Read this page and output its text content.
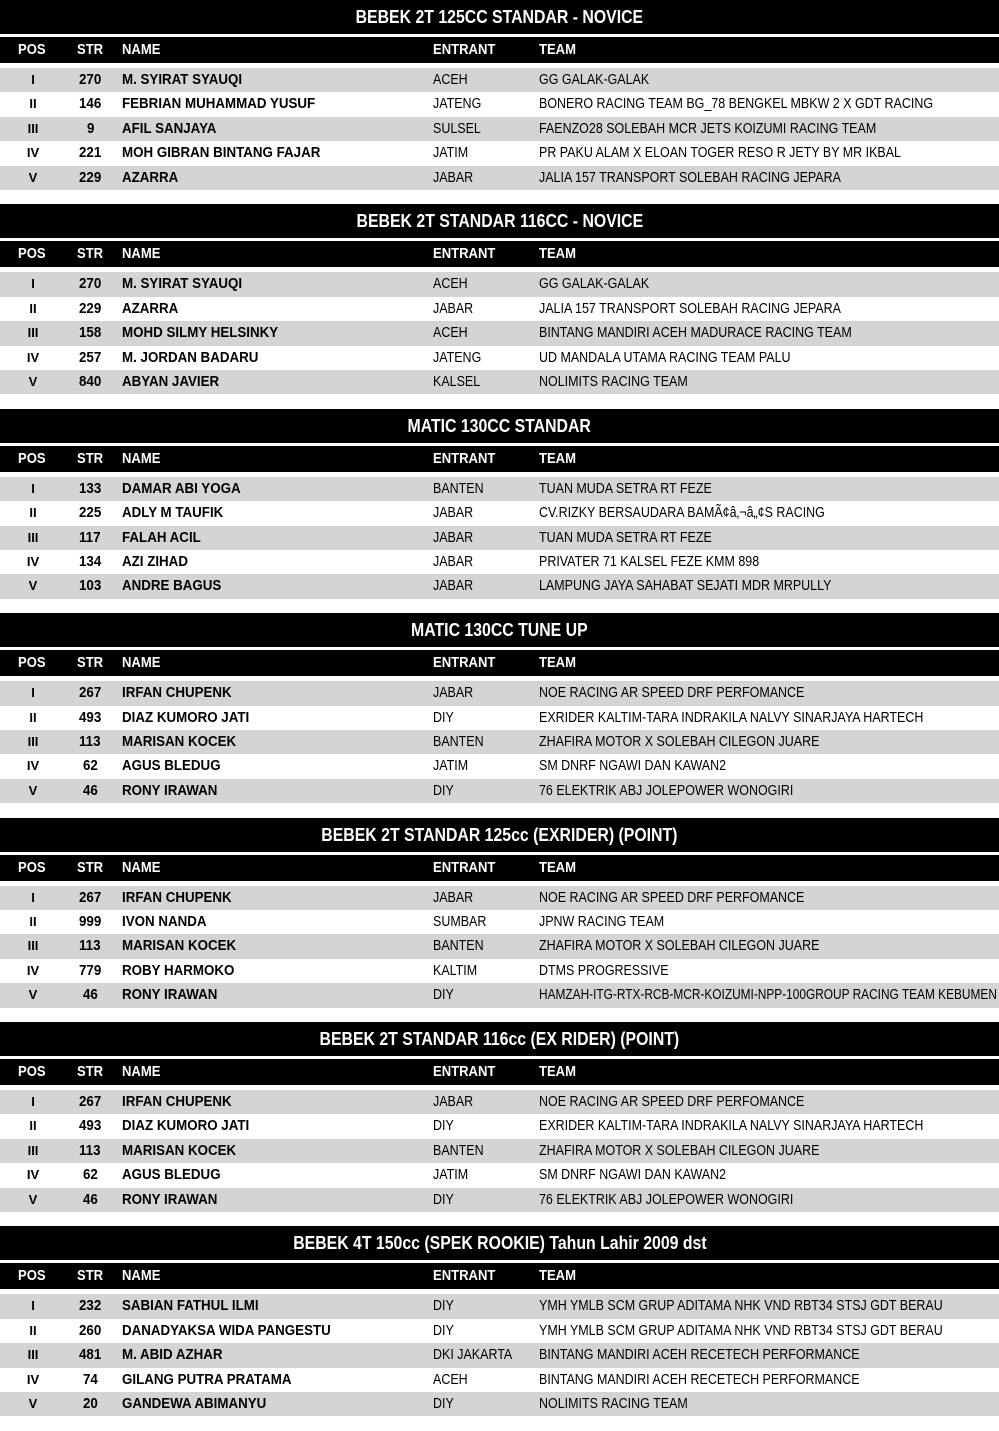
BEBEK 2T 125CC STANDAR - NOVICE
POS	STR	NAME	ENTRANT	TEAM
I	270	M. SYIRAT SYAUQI	ACEH	GG GALAK-GALAK
II	146	FEBRIAN MUHAMMAD YUSUF	JATENG	BONERO RACING TEAM BG_78 BENGKEL MBKW 2 X GDT RACING
III	9	AFIL SANJAYA	SULSEL	FAENZO28 SOLEBAH MCR JETS KOIZUMI RACING TEAM
IV	221	MOH GIBRAN BINTANG FAJAR	JATIM	PR PAKU ALAM X ELOAN TOGER RESO R JETY BY MR IKBAL
V	229	AZARRA	JABAR	JALIA 157 TRANSPORT SOLEBAH RACING JEPARA
BEBEK 2T STANDAR 116CC - NOVICE
POS	STR	NAME	ENTRANT	TEAM
I	270	M. SYIRAT SYAUQI	ACEH	GG GALAK-GALAK
II	229	AZARRA	JABAR	JALIA 157 TRANSPORT SOLEBAH RACING JEPARA
III	158	MOHD SILMY HELSINKY	ACEH	BINTANG MANDIRI ACEH MADURACE RACING TEAM
IV	257	M. JORDAN BADARU	JATENG	UD MANDALA UTAMA RACING TEAM PALU
V	840	ABYAN JAVIER	KALSEL	NOLIMITS RACING TEAM
MATIC 130CC STANDAR
POS	STR	NAME	ENTRANT	TEAM
I	133	DAMAR ABI YOGA	BANTEN	TUAN MUDA SETRA RT FEZE
II	225	ADLY M TAUFIK	JABAR	CV.RIZKY BERSAUDARA BAMÃ¢â‚¬â„¢S RACING
III	117	FALAH ACIL	JABAR	TUAN MUDA SETRA RT FEZE
IV	134	AZI ZIHAD	JABAR	PRIVATER 71 KALSEL FEZE KMM 898
V	103	ANDRE BAGUS	JABAR	LAMPUNG JAYA SAHABAT SEJATI MDR MRPULLY
MATIC 130CC TUNE UP
POS	STR	NAME	ENTRANT	TEAM
I	267	IRFAN CHUPENK	JABAR	NOE RACING AR SPEED DRF PERFOMANCE
II	493	DIAZ KUMORO JATI	DIY	EXRIDER KALTIM-TARA INDRAKILA NALVY SINARJAYA HARTECH
III	113	MARISAN KOCEK	BANTEN	ZHAFIRA MOTOR X SOLEBAH CILEGON JUARE
IV	62	AGUS BLEDUG	JATIM	SM DNRF NGAWI DAN KAWAN2
V	46	RONY IRAWAN	DIY	76 ELEKTRIK ABJ JOLEPOWER WONOGIRI
BEBEK 2T STANDAR 125cc (EXRIDER) (POINT)
POS	STR	NAME	ENTRANT	TEAM
I	267	IRFAN CHUPENK	JABAR	NOE RACING AR SPEED DRF PERFOMANCE
II	999	IVON NANDA	SUMBAR	JPNW RACING TEAM
III	113	MARISAN KOCEK	BANTEN	ZHAFIRA MOTOR X SOLEBAH CILEGON JUARE
IV	779	ROBY HARMOKO	KALTIM	DTMS PROGRESSIVE
V	46	RONY IRAWAN	DIY	HAMZAH-ITG-RTX-RCB-MCR-KOIZUMI-NPP-100GROUP RACING TEAM KEBUMEN
BEBEK 2T STANDAR 116cc (EX RIDER) (POINT)
POS	STR	NAME	ENTRANT	TEAM
I	267	IRFAN CHUPENK	JABAR	NOE RACING AR SPEED DRF PERFOMANCE
II	493	DIAZ KUMORO JATI	DIY	EXRIDER KALTIM-TARA INDRAKILA NALVY SINARJAYA HARTECH
III	113	MARISAN KOCEK	BANTEN	ZHAFIRA MOTOR X SOLEBAH CILEGON JUARE
IV	62	AGUS BLEDUG	JATIM	SM DNRF NGAWI DAN KAWAN2
V	46	RONY IRAWAN	DIY	76 ELEKTRIK ABJ JOLEPOWER WONOGIRI
BEBEK 4T 150cc (SPEK ROOKIE) Tahun Lahir 2009 dst
POS	STR	NAME	ENTRANT	TEAM
I	232	SABIAN FATHUL ILMI	DIY	YMH YMLB SCM GRUP ADITAMA NHK VND RBT34 STSJ GDT BERAU
II	260	DANADYAKSA WIDA PANGESTU	DIY	YMH YMLB SCM GRUP ADITAMA NHK VND RBT34 STSJ GDT BERAU
III	481	M. ABID AZHAR	DKI JAKARTA	BINTANG MANDIRI ACEH RECETECH PERFORMANCE
IV	74	GILANG PUTRA PRATAMA	ACEH	BINTANG MANDIRI ACEH RECETECH PERFORMANCE
V	20	GANDEWA ABIMANYU	DIY	NOLIMITS RACING TEAM
